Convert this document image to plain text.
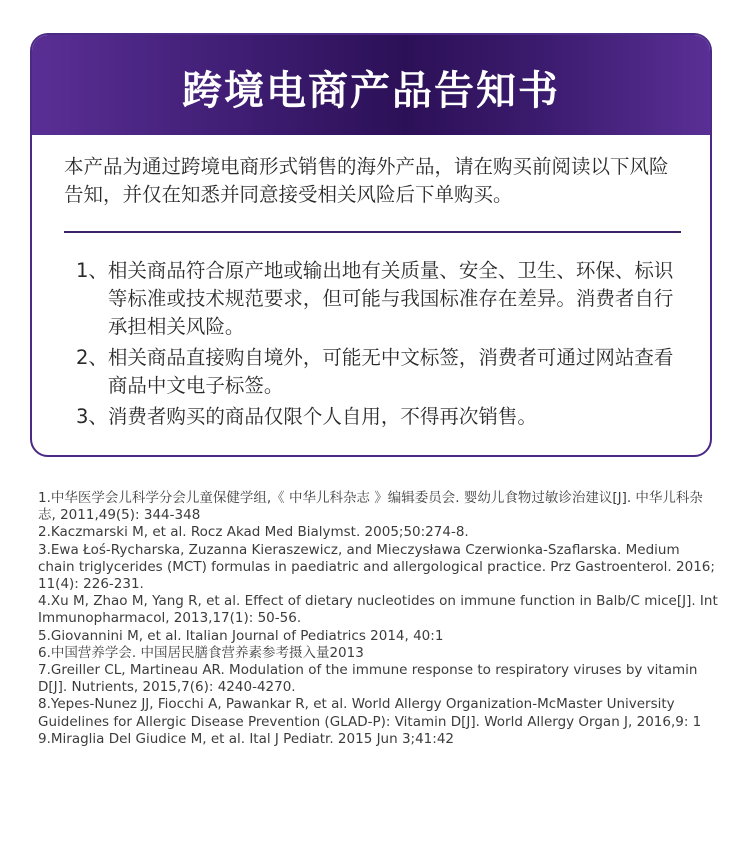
跨境电商产品告知书
本产品为通过跨境电商形式销售的海外产品，请在购买前阅读以下风险告知，并仅在知悉并同意接受相关风险后下单购买。
1、 相关商品符合原产地或输出地有关质量、安全、卫生、环保、标识等标准或技术规范要求，但可能与我国标准存在差异。消费者自行承担相关风险。
2、 相关商品直接购自境外，可能无中文标签，消费者可通过网站查看商品中文电子标签。
3、 消费者购买的商品仅限个人自用，不得再次销售。

1.中华医学会儿科学分会儿童保健学组,《 中华儿科杂志 》编辑委员会. 婴幼儿食物过敏诊治建议[J]. 中华儿科杂志, 2011,49(5): 344-348

2.Kaczmarski M, et al. Rocz Akad Med Bialymst. 2005;50:274-8.

3.Ewa Łoś-Rycharska, Zuzanna Kieraszewicz, and Mieczysława Czerwionka-Szaflarska. Medium chain triglycerides (MCT) formulas in paediatric and allergological practice. Prz Gastroenterol. 2016; 11(4): 226-231.

4.Xu M, Zhao M, Yang R, et al. Effect of dietary nucleotides on immune function in Balb/C mice[J]. Int Immunopharmacol, 2013,17(1): 50-56.

5.Giovannini M, et al. Italian Journal of Pediatrics 2014, 40:1

6.中国营养学会. 中国居民膳食营养素参考摄入量2013

7.Greiller CL, Martineau AR. Modulation of the immune response to respiratory viruses by vitamin D[J]. Nutrients, 2015,7(6): 4240-4270.

8.Yepes-Nunez JJ, Fiocchi A, Pawankar R, et al. World Allergy Organization-McMaster University Guidelines for Allergic Disease Prevention (GLAD-P): Vitamin D[J]. World Allergy Organ J, 2016,9: 1

9.Miraglia Del Giudice M, et al. Ital J Pediatr. 2015 Jun 3;41:42
